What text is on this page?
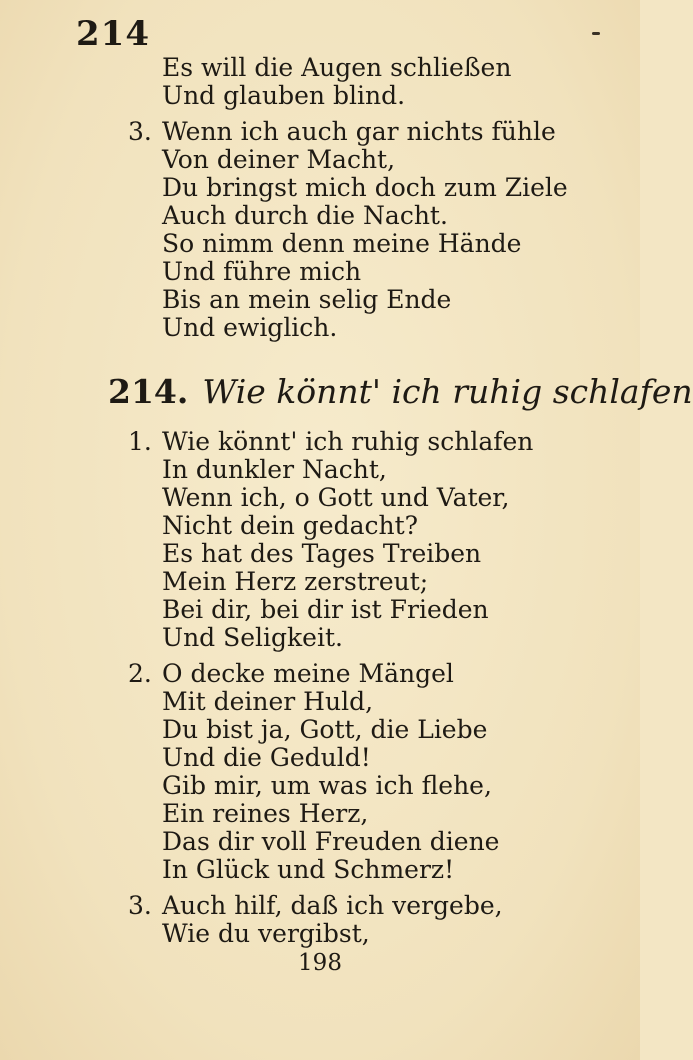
214
Es will die Augen schließen
Und glauben blind.
3. Wenn ich auch gar nichts fühle
Von deiner Macht,
Du bringst mich doch zum Ziele
Auch durch die Nacht.
So nimm denn meine Hände
Und führe mich
Bis an mein selig Ende
Und ewiglich.
214. Wie könnt' ich ruhig schlafen
1. Wie könnt' ich ruhig schlafen
In dunkler Nacht,
Wenn ich, o Gott und Vater,
Nicht dein gedacht?
Es hat des Tages Treiben
Mein Herz zerstreut;
Bei dir, bei dir ist Frieden
Und Seligkeit.
2. O decke meine Mängel
Mit deiner Huld,
Du bist ja, Gott, die Liebe
Und die Geduld!
Gib mir, um was ich flehe,
Ein reines Herz,
Das dir voll Freuden diene
In Glück und Schmerz!
3. Auch hilf, daß ich vergebe,
Wie du vergibst,
198
